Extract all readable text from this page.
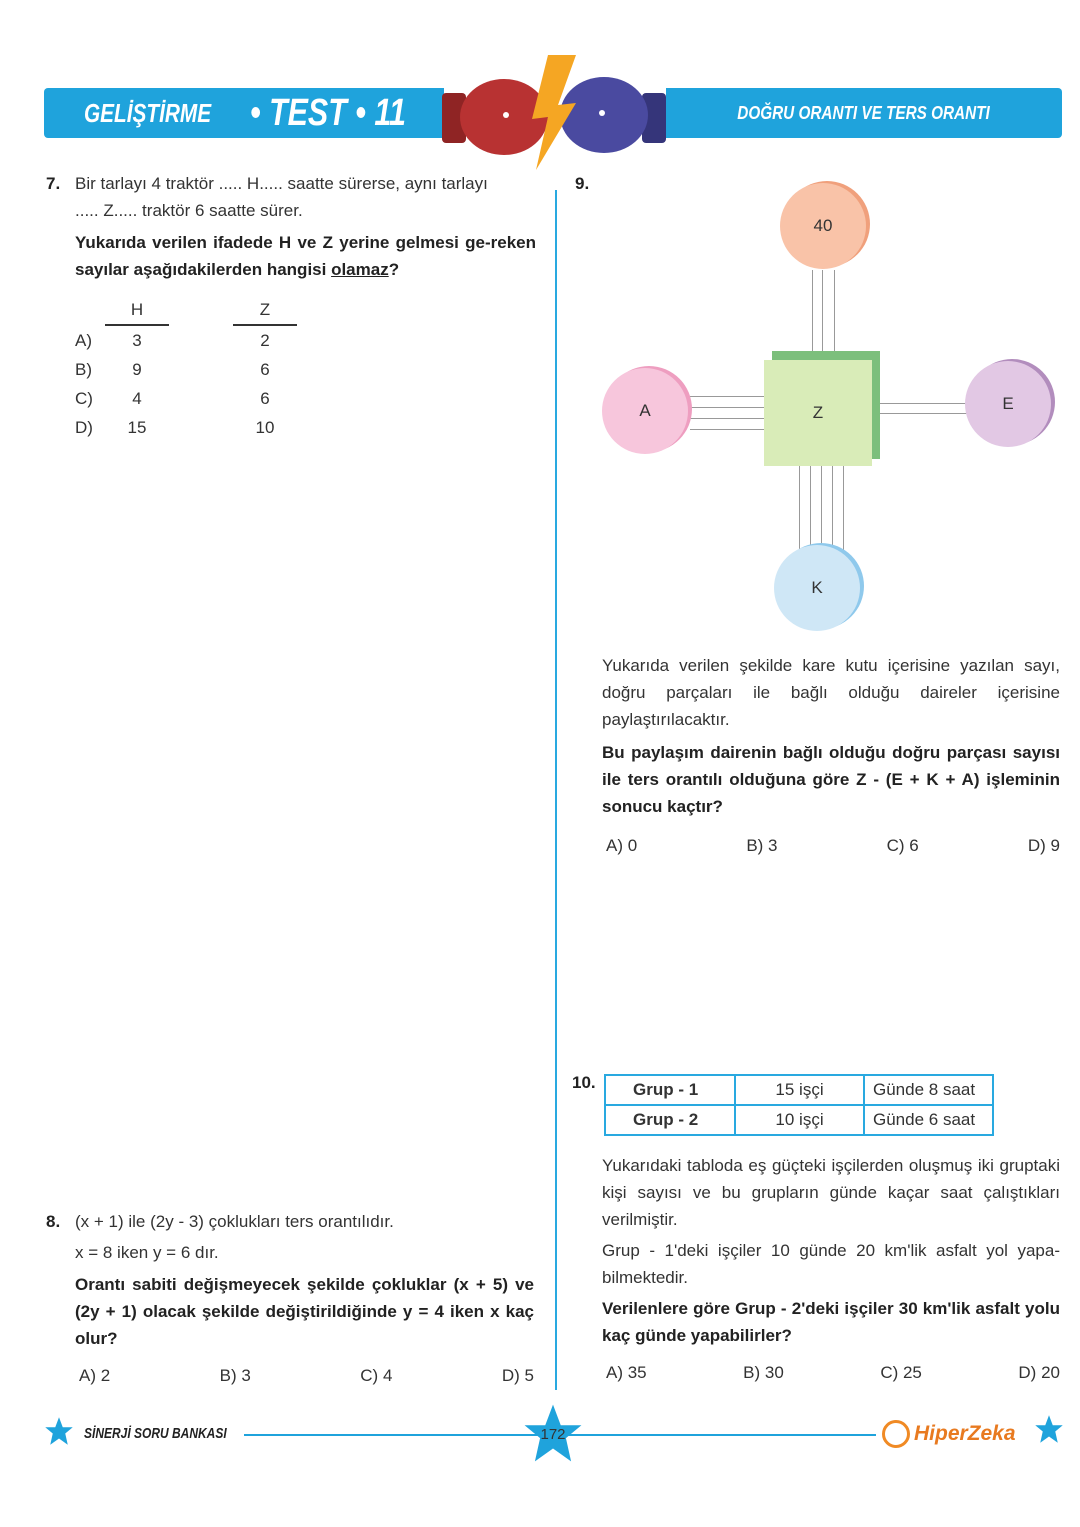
GELİŞTİRME • TEST • 11	DOĞRU ORANTI VE TERS ORANTI
7. Bir tarlayı 4 traktör ..... H..... saatte sürerse, aynı tarlayı
..... Z..... traktör 6 saatte sürer.
Yukarıda verilen ifadede H ve Z yerine gelmesi ge-reken sayılar aşağıdakilerden hangisi olamaz?
H	Z
A)	3	2
B)	9	6
C)	4	6
D)	15	10
8. (x + 1) ile (2y - 3) çoklukları ters orantılıdır.
x = 8 iken y = 6 dır.
Orantı sabiti değişmeyecek şekilde çokluklar (x + 5) ve (2y + 1) olacak şekilde değiştirildiğinde y = 4 iken x kaç olur?
A) 2	B) 3	C) 4	D) 5
9.
Z
40
A	E
K
Yukarıda verilen şekilde kare kutu içerisine yazılan sayı, doğru parçaları ile bağlı olduğu daireler içerisine paylaştırılacaktır.
Bu paylaşım dairenin bağlı olduğu doğru parçası sayısı ile ters orantılı olduğuna göre Z - (E + K + A) işleminin sonucu kaçtır?
A) 0	B) 3	C) 6	D) 9
10. Grup - 1	15 işçi	Günde 8 saat
Grup - 2	10 işçi	Günde 6 saat
Yukarıdaki tabloda eş güçteki işçilerden oluşmuş iki gruptaki kişi sayısı ve bu grupların günde kaçar saat çalıştıkları verilmiştir.
Grup - 1'deki işçiler 10 günde 20 km'lik asfalt yol yapa-bilmektedir.
Verilenlere göre Grup - 2'deki işçiler 30 km'lik asfalt yolu kaç günde yapabilirler?
A) 35	B) 30	C) 25	D) 20
SİNERJİ SORU BANKASI	172	HiperZeka
